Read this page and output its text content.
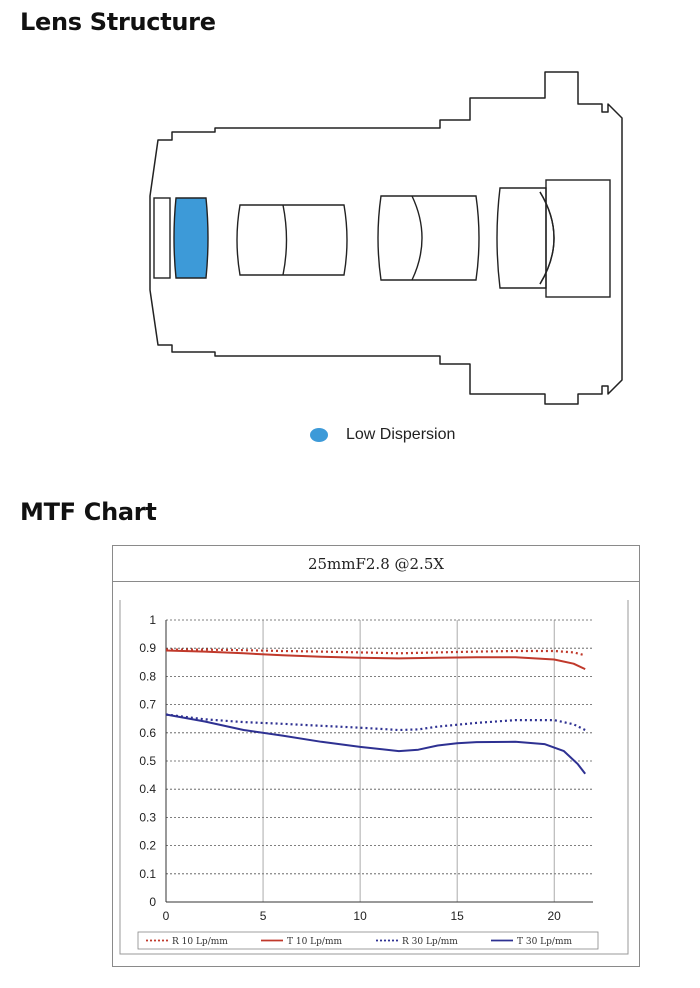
Lens Structure
Low Dispersion
MTF Chart
25mmF2.8 @2.5X
0
0.1
0.2
0.3
0.4
0.5
0.6
0.7
0.8
0.9
1
0	5	10	15	20
R 10 Lp/mm	T 10 Lp/mm	R 30 Lp/mm	T 30 Lp/mm
